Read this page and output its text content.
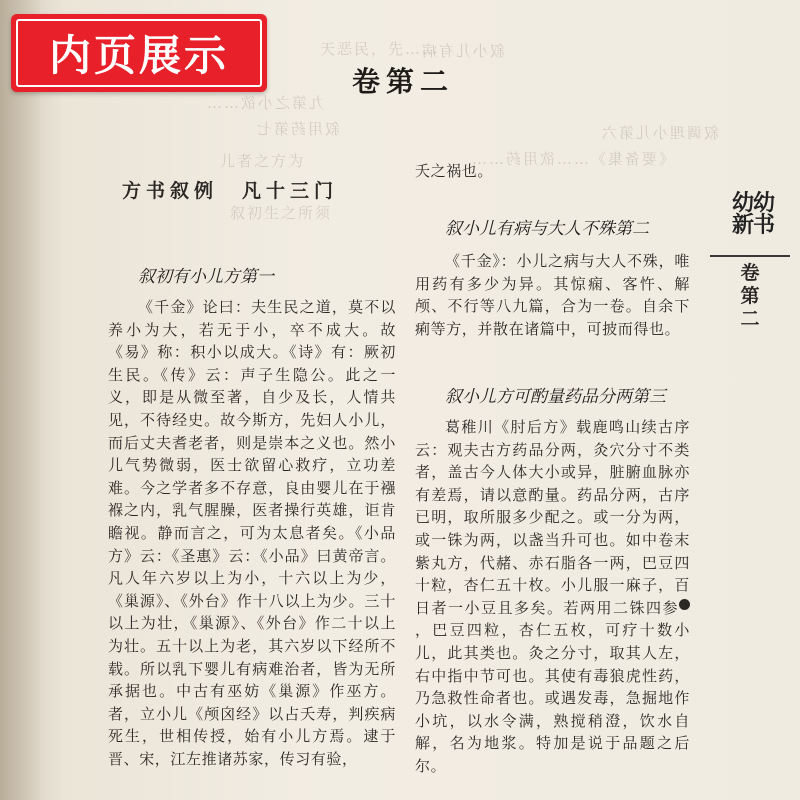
天恶民，先……
叙小儿有病
叙用药第七
儿者之方为
叙初生之所须
叙调理小儿第六
《要备集》……欲用药……
九第之小欲……
内页展示
卷第二
方书叙例　凡十三门
叙初有小儿方第一
《千金》论曰：夫生民之道，莫不以养小为大，若无于小，卒不成大。故《易》称：积小以成大。《诗》有：厥初生民。《传》云：声子生隐公。此之一义，即是从微至著，自少及长，人情共见，不待经史。故今斯方，先妇人小儿，而后丈夫耆老者，则是崇本之义也。然小儿气势微弱，医士欲留心救疗，立功差难。今之学者多不存意，良由婴儿在于襁褓之内，乳气腥臊，医者操行英雄，讵肯瞻视。静而言之，可为太息者矣。《小品方》云：《圣惠》云：《小品》曰黄帝言。凡人年六岁以上为小，十六以上为少，《巢源》、《外台》作十八以上为少。三十以上为壮，《巢源》、《外台》作二十以上为壮。五十以上为老，其六岁以下经所不载。所以乳下婴儿有病难治者，皆为无所承据也。中古有巫妨《巢源》作巫方。者，立小儿《颅囟经》以占夭寿，判疾病死生，世相传授，始有小儿方焉。逮于晋、宋，江左推诸苏家，传习有验，
夭之祸也。
叙小儿有病与大人不殊第二
《千金》：小儿之病与大人不殊，唯用药有多少为异。其惊痫、客忤、解颅、不行等八九篇，合为一卷。自余下痢等方，并散在诸篇中，可披而得也。
叙小儿方可酌量药品分两第三
葛稚川《肘后方》载鹿鸣山续古序云：观夫古方药品分两，灸穴分寸不类者，盖古今人体大小或异，脏腑血脉亦有差焉，请以意酌量。药品分两，古序已明，取所服多少配之。或一分为两，或一铢为两，以盏当升可也。如中卷末紫丸方，代赭、赤石脂各一两，巴豆四十粒，杏仁五十枚。小儿服一麻子，百日者一小豆且多矣。若两用二铢四参	1，巴豆四粒，杏仁五枚，可疗十数小儿，此其类也。灸之分寸，取其人左，右中指中节可也。其使有毒狼虎性药，乃急救性命者也。或遇发毒，急掘地作小坑，以水令满，熟搅稍澄，饮水自解，名为地浆。特加是说于品题之后尔。
幼幼
新书
卷
第
二
